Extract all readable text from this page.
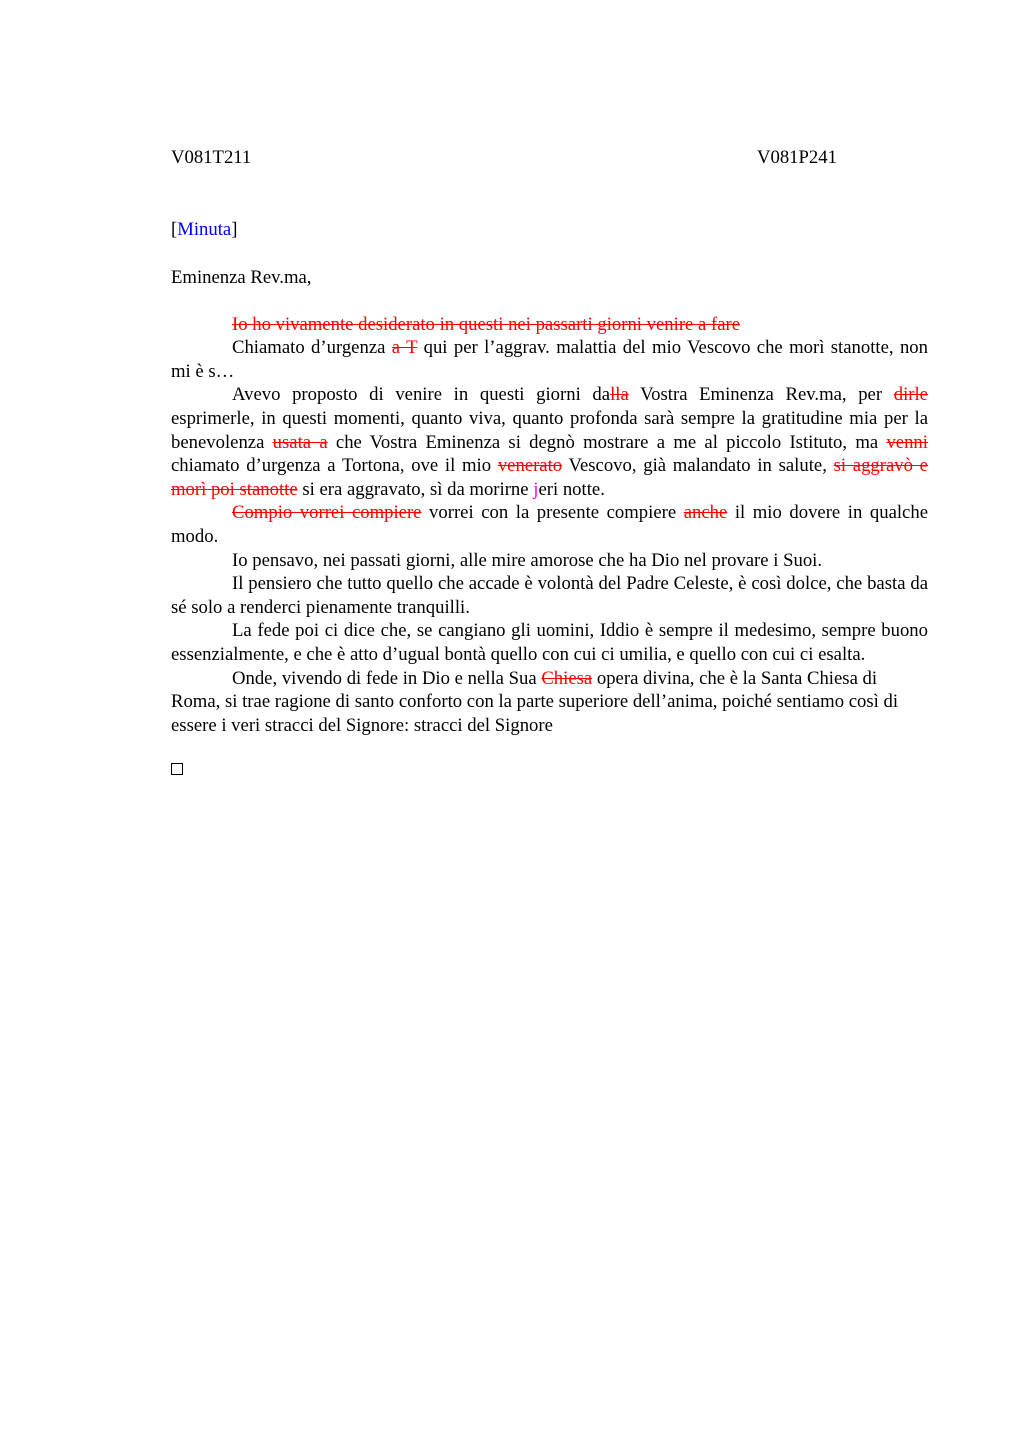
V081T211	V081P241
[Minuta]
Eminenza Rev.ma,

Io ho vivamente desiderato in questi nei passarti giorni venire a fare

Chiamato d’urgenza a T qui per l’aggrav. malattia del mio Vescovo che morì stanotte, non mi è s…

Avevo proposto di venire in questi giorni dalla Vostra Eminenza Rev.ma, per dirle esprimerle, in questi momenti, quanto viva, quanto profonda sarà sempre la gratitudine mia per la benevolenza usata a che Vostra Eminenza si degnò mostrare a me al piccolo Istituto, ma venni chiamato d’urgenza a Tortona, ove il mio venerato Vescovo, già malandato in salute, si aggravò e morì poi stanotte si era aggravato, sì da morirne jeri notte.

Compio vorrei compiere vorrei con la presente compiere anche il mio dovere in qualche modo.

Io pensavo, nei passati giorni, alle mire amorose che ha Dio nel provare i Suoi.

Il pensiero che tutto quello che accade è volontà del Padre Celeste, è così dolce, che basta da sé solo a renderci pienamente tranquilli.

La fede poi ci dice che, se cangiano gli uomini, Iddio è sempre il medesimo, sempre buono essenzialmente, e che è atto d’ugual bontà quello con cui ci umilia, e quello con cui ci esalta.

Onde, vivendo di fede in Dio e nella Sua Chiesa opera divina, che è la Santa Chiesa di Roma, si trae ragione di santo conforto con la parte superiore dell’anima, poiché sentiamo così di essere i veri stracci del Signore: stracci del Signore
